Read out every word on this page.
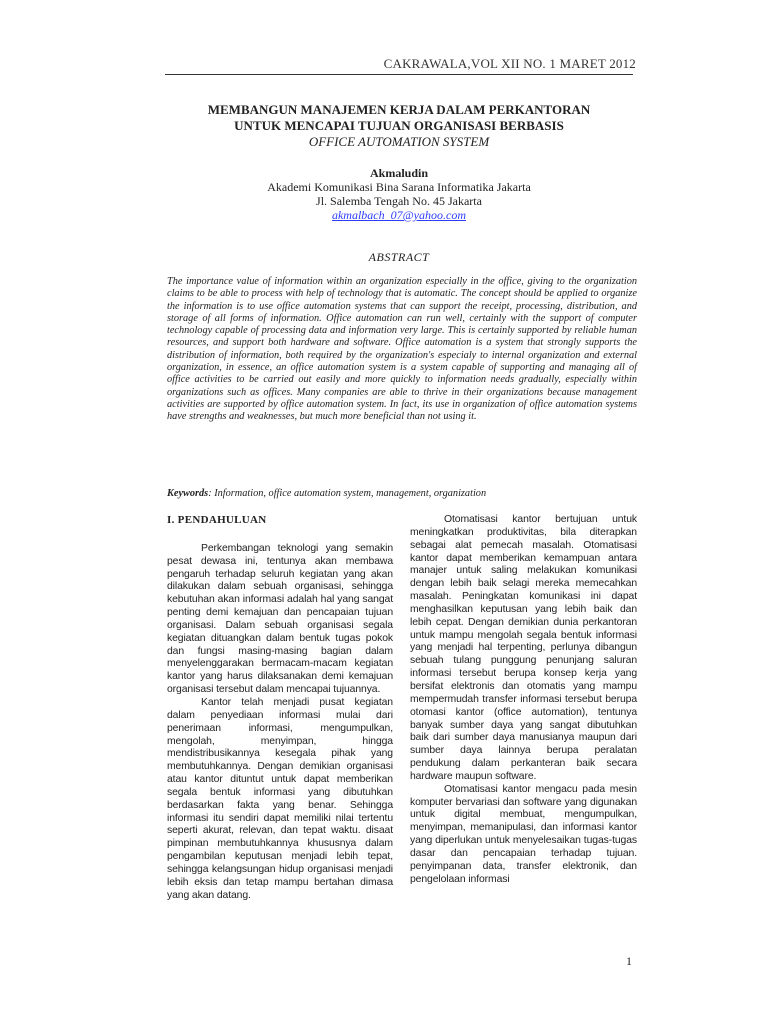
CAKRAWALA,VOL XII NO. 1 MARET 2012
MEMBANGUN MANAJEMEN KERJA DALAM PERKANTORAN
UNTUK MENCAPAI TUJUAN ORGANISASI BERBASIS
OFFICE AUTOMATION SYSTEM
Akmaludin
Akademi Komunikasi Bina Sarana Informatika Jakarta
Jl. Salemba Tengah No. 45 Jakarta
akmalbach_07@yahoo.com
ABSTRACT
The importance value of information within an organization especially in the office, giving to the organization claims to be able to process with help of technology that is automatic. The concept should be applied to organize the information is to use office automation systems that can support the receipt, processing, distribution, and storage of all forms of information. Office automation can run well, certainly with the support of computer technology capable of processing data and information very large. This is certainly supported by reliable human resources, and support both hardware and software. Office automation is a system that strongly supports the distribution of information, both required by the organization's especialy to internal organization and external organization, in essence, an office automation system is a system capable of supporting and managing all of office activities to be carried out easily and more quickly to information needs gradually, especially within organizations such as offices. Many companies are able to thrive in their organizations because management activities are supported by office automation system. In fact, its use in organization of office automation systems have strengths and weaknesses, but much more beneficial than not using it.
Keywords: Information, office automation system, management, organization
I. PENDAHULUAN

Perkembangan teknologi yang semakin pesat dewasa ini, tentunya akan membawa pengaruh terhadap seluruh kegiatan yang akan dilakukan dalam sebuah organisasi, sehingga kebutuhan akan informasi adalah hal yang sangat penting demi kemajuan dan pencapaian tujuan organisasi. Dalam sebuah organisasi segala kegiatan dituangkan dalam bentuk tugas pokok dan fungsi masing-masing bagian dalam menyelenggarakan bermacam-macam kegiatan kantor yang harus dilaksanakan demi kemajuan organisasi tersebut dalam mencapai tujuannya.

Kantor telah menjadi pusat kegiatan dalam penyediaan informasi mulai dari penerimaan informasi, mengumpulkan, mengolah, menyimpan, hingga mendistribusikannya kesegala pihak yang membutuhkannya. Dengan demikian organisasi atau kantor dituntut untuk dapat memberikan segala bentuk informasi yang dibutuhkan berdasarkan fakta yang benar. Sehingga informasi itu sendiri dapat memiliki nilai tertentu seperti akurat, relevan, dan tepat waktu. disaat pimpinan membutuhkannya khususnya dalam pengambilan keputusan menjadi lebih tepat, sehingga kelangsungan hidup organisasi menjadi lebih eksis dan tetap mampu bertahan dimasa yang akan datang.

Otomatisasi kantor bertujuan untuk meningkatkan produktivitas, bila diterapkan sebagai alat pemecah masalah. Otomatisasi kantor dapat memberikan kemampuan antara manajer untuk saling melakukan komunikasi dengan lebih baik selagi mereka memecahkan masalah. Peningkatan komunikasi ini dapat menghasilkan keputusan yang lebih baik dan lebih cepat. Dengan demikian dunia perkantoran untuk mampu mengolah segala bentuk informasi yang menjadi hal terpenting, perlunya dibangun sebuah tulang punggung penunjang saluran informasi tersebut berupa konsep kerja yang bersifat elektronis dan otomatis yang mampu mempermudah transfer informasi tersebut berupa otomasi kantor (office automation), tentunya banyak sumber daya yang sangat dibutuhkan baik dari sumber daya manusianya maupun dari sumber daya lainnya berupa peralatan pendukung dalam perkanteran baik secara hardware maupun software.

Otomatisasi kantor mengacu pada mesin komputer bervariasi dan software yang digunakan untuk digital membuat, mengumpulkan, menyimpan, memanipulasi, dan informasi kantor yang diperlukan untuk menyelesaikan tugas-tugas dasar dan pencapaian terhadap tujuan. penyimpanan data, transfer elektronik, dan pengelolaan informasi

1
